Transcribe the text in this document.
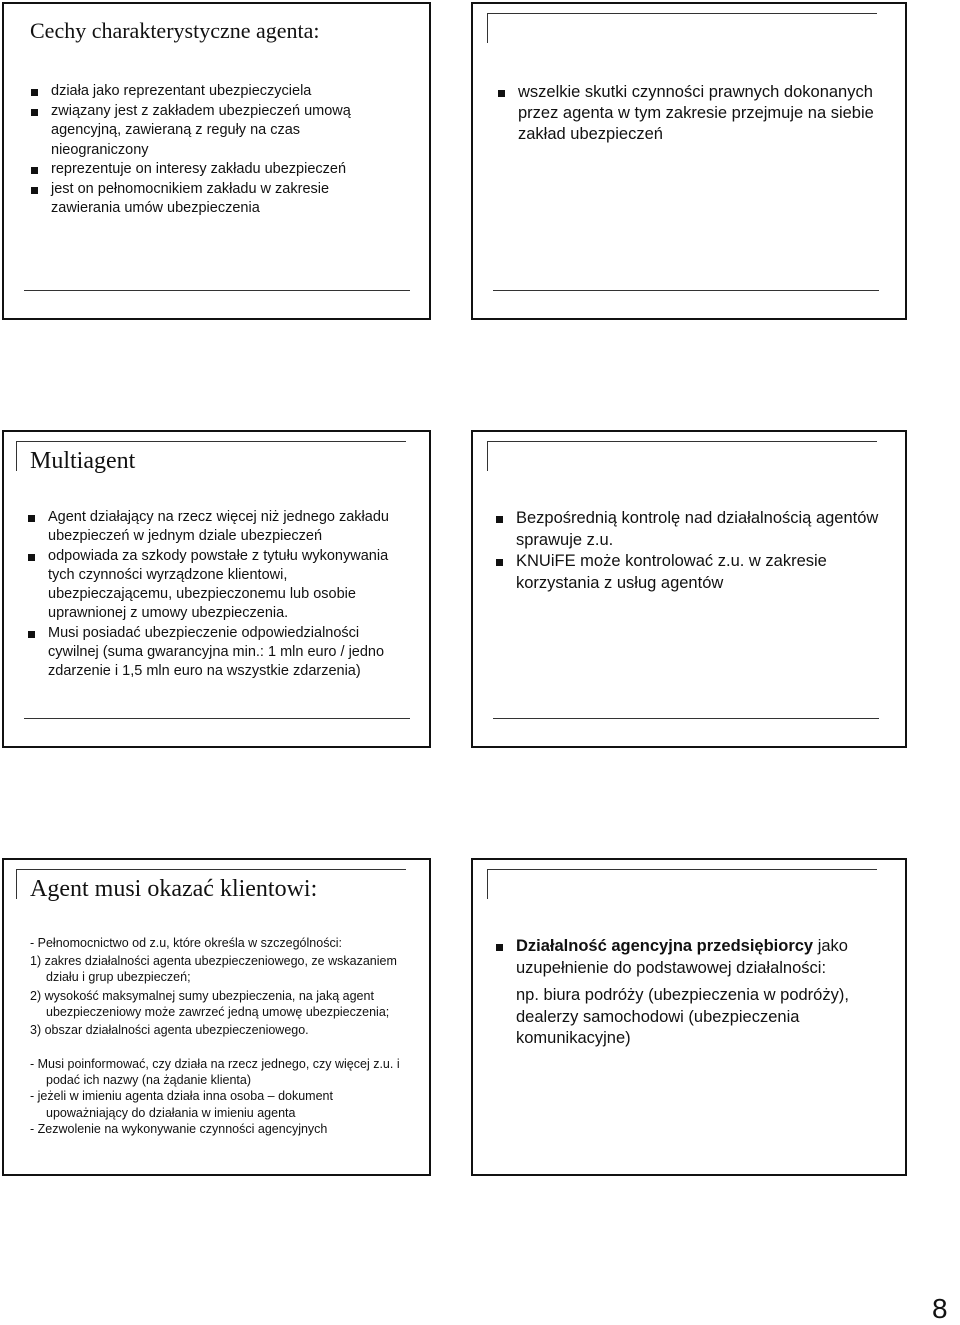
Cechy charakterystyczne agenta:
działa jako reprezentant ubezpieczyciela
związany jest z zakładem ubezpieczeń umową agencyjną, zawieraną z reguły na czas nieograniczony
reprezentuje on interesy zakładu ubezpieczeń
jest on pełnomocnikiem zakładu w zakresie zawierania umów ubezpieczenia
wszelkie skutki czynności prawnych dokonanych przez agenta w tym zakresie przejmuje na siebie zakład ubezpieczeń
Multiagent
Agent działający na rzecz więcej niż jednego zakładu ubezpieczeń w jednym dziale ubezpieczeń
odpowiada za szkody powstałe z tytułu wykonywania tych czynności wyrządzone klientowi, ubezpieczającemu, ubezpieczonemu lub osobie uprawnionej z umowy ubezpieczenia.
Musi posiadać ubezpieczenie odpowiedzialności cywilnej (suma gwarancyjna min.: 1 mln euro / jedno zdarzenie i 1,5 mln euro na wszystkie zdarzenia)
Bezpośrednią kontrolę nad działalnością agentów sprawuje z.u.
KNUiFE może kontrolować z.u. w zakresie korzystania z usług agentów
Agent musi okazać klientowi:

- Pełnomocnictwo od z.u, które określa w szczególności:

1) zakres działalności agenta ubezpieczeniowego, ze wskazaniem działu i grup ubezpieczeń;

2) wysokość maksymalnej sumy ubezpieczenia, na jaką agent ubezpieczeniowy może zawrzeć jedną umowę ubezpieczenia;

3) obszar działalności agenta ubezpieczeniowego.

- Musi poinformować, czy działa na rzecz jednego, czy więcej z.u. i podać ich nazwy (na żądanie klienta)

- jeżeli w imieniu agenta działa inna osoba – dokument upoważniający do działania w imieniu agenta

- Zezwolenie na wykonywanie czynności agencyjnych

Działalność agencyjna przedsiębiorcy jako uzupełnienie do podstawowej działalności:
np. biura podróży (ubezpieczenia w podróży), dealerzy samochodowi (ubezpieczenia komunikacyjne)
8
